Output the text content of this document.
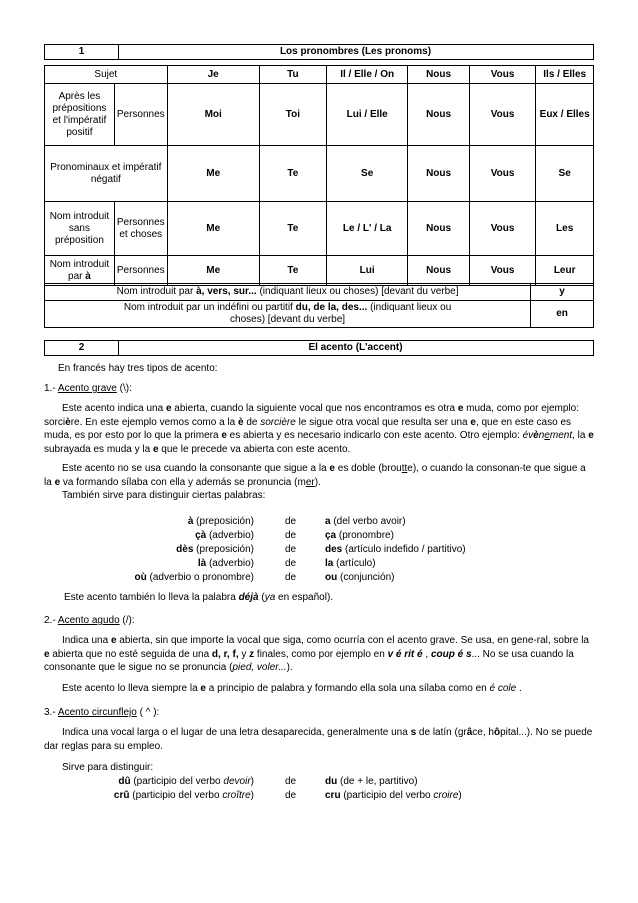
1	Los pronombres (Les pronoms)
Sujet		Je	Tu	Il / Elle / On	Nous	Vous	Ils / Elles
Après les prépositions et l'impératif positif	Personnes	Moi	Toi	Lui / Elle	Nous	Vous	Eux / Elles
Pronominaux et impératif négatif		Me	Te	Se	Nous	Vous	Se
Nom introduit sans préposition	Personnes et choses	Me	Te	Le / L' / La	Nous	Vous	Les
Nom introduit par à	Personnes	Me	Te	Lui	Nous	Vous	Leur
Nom introduit par à, vers, sur... (indiquant lieux ou choses) [devant du verbe]	y
Nom introduit par un indéfini ou partitif du, de la, des... (indiquant lieux ou choses) [devant du verbe]	en
2	El acento (L'accent)
En francés hay tres tipos de acento:
1.- Acento grave (\):
Este acento indica una e abierta, cuando la siguiente vocal que nos encontramos es otra e muda, como por ejemplo: sorcière. En este ejemplo vemos como a la è de sorcière le sigue otra vocal que resulta ser una e, que en este caso es muda, es por esto por lo que la primera e es abierta y es necesario indicarlo con este acento. Otro ejemplo: évènement, la e subrayada es muda y la e que le precede va abierta con este acento.
Este acento no se usa cuando la consonante que sigue a la e es doble (broutte), o cuando la consonan-te que sigue a la e va formando sílaba con ella y además se pronuncia (mer).
También sirve para distinguir ciertas palabras:
à (preposición)	de	a (del verbo avoir)
çà (adverbio)	de	ça (pronombre)
dès (preposición)	de	des (artículo indefido / partitivo)
là (adverbio)	de	la (artículo)
où (adverbio o pronombre)	de	ou (conjunción)
Este acento también lo lleva la palabra déjà (ya en español).
2.- Acento agudo (/):
Indica una e abierta, sin que importe la vocal que siga, como ocurría con el acento grave. Se usa, en gene-ral, sobre la e abierta que no esté seguida de una d, r, f, y z finales, como por ejemplo en v é rit é , coup é s... No se usa cuando la consonante que le sigue no se pronuncia (pied, voler...).
Este acento lo lleva siempre la e a principio de palabra y formando ella sola una sílaba como en é cole .
3.- Acento circunflejo ( ^ ):
Indica una vocal larga o el lugar de una letra desaparecida, generalmente una s de latín (grâce, hôpital...). No se puede dar reglas para su empleo.
Sirve para distinguir:
dû (participio del verbo devoir)	de	du (de + le, partitivo)
crû (participio del verbo croître)	de	cru (participio del verbo croire)
